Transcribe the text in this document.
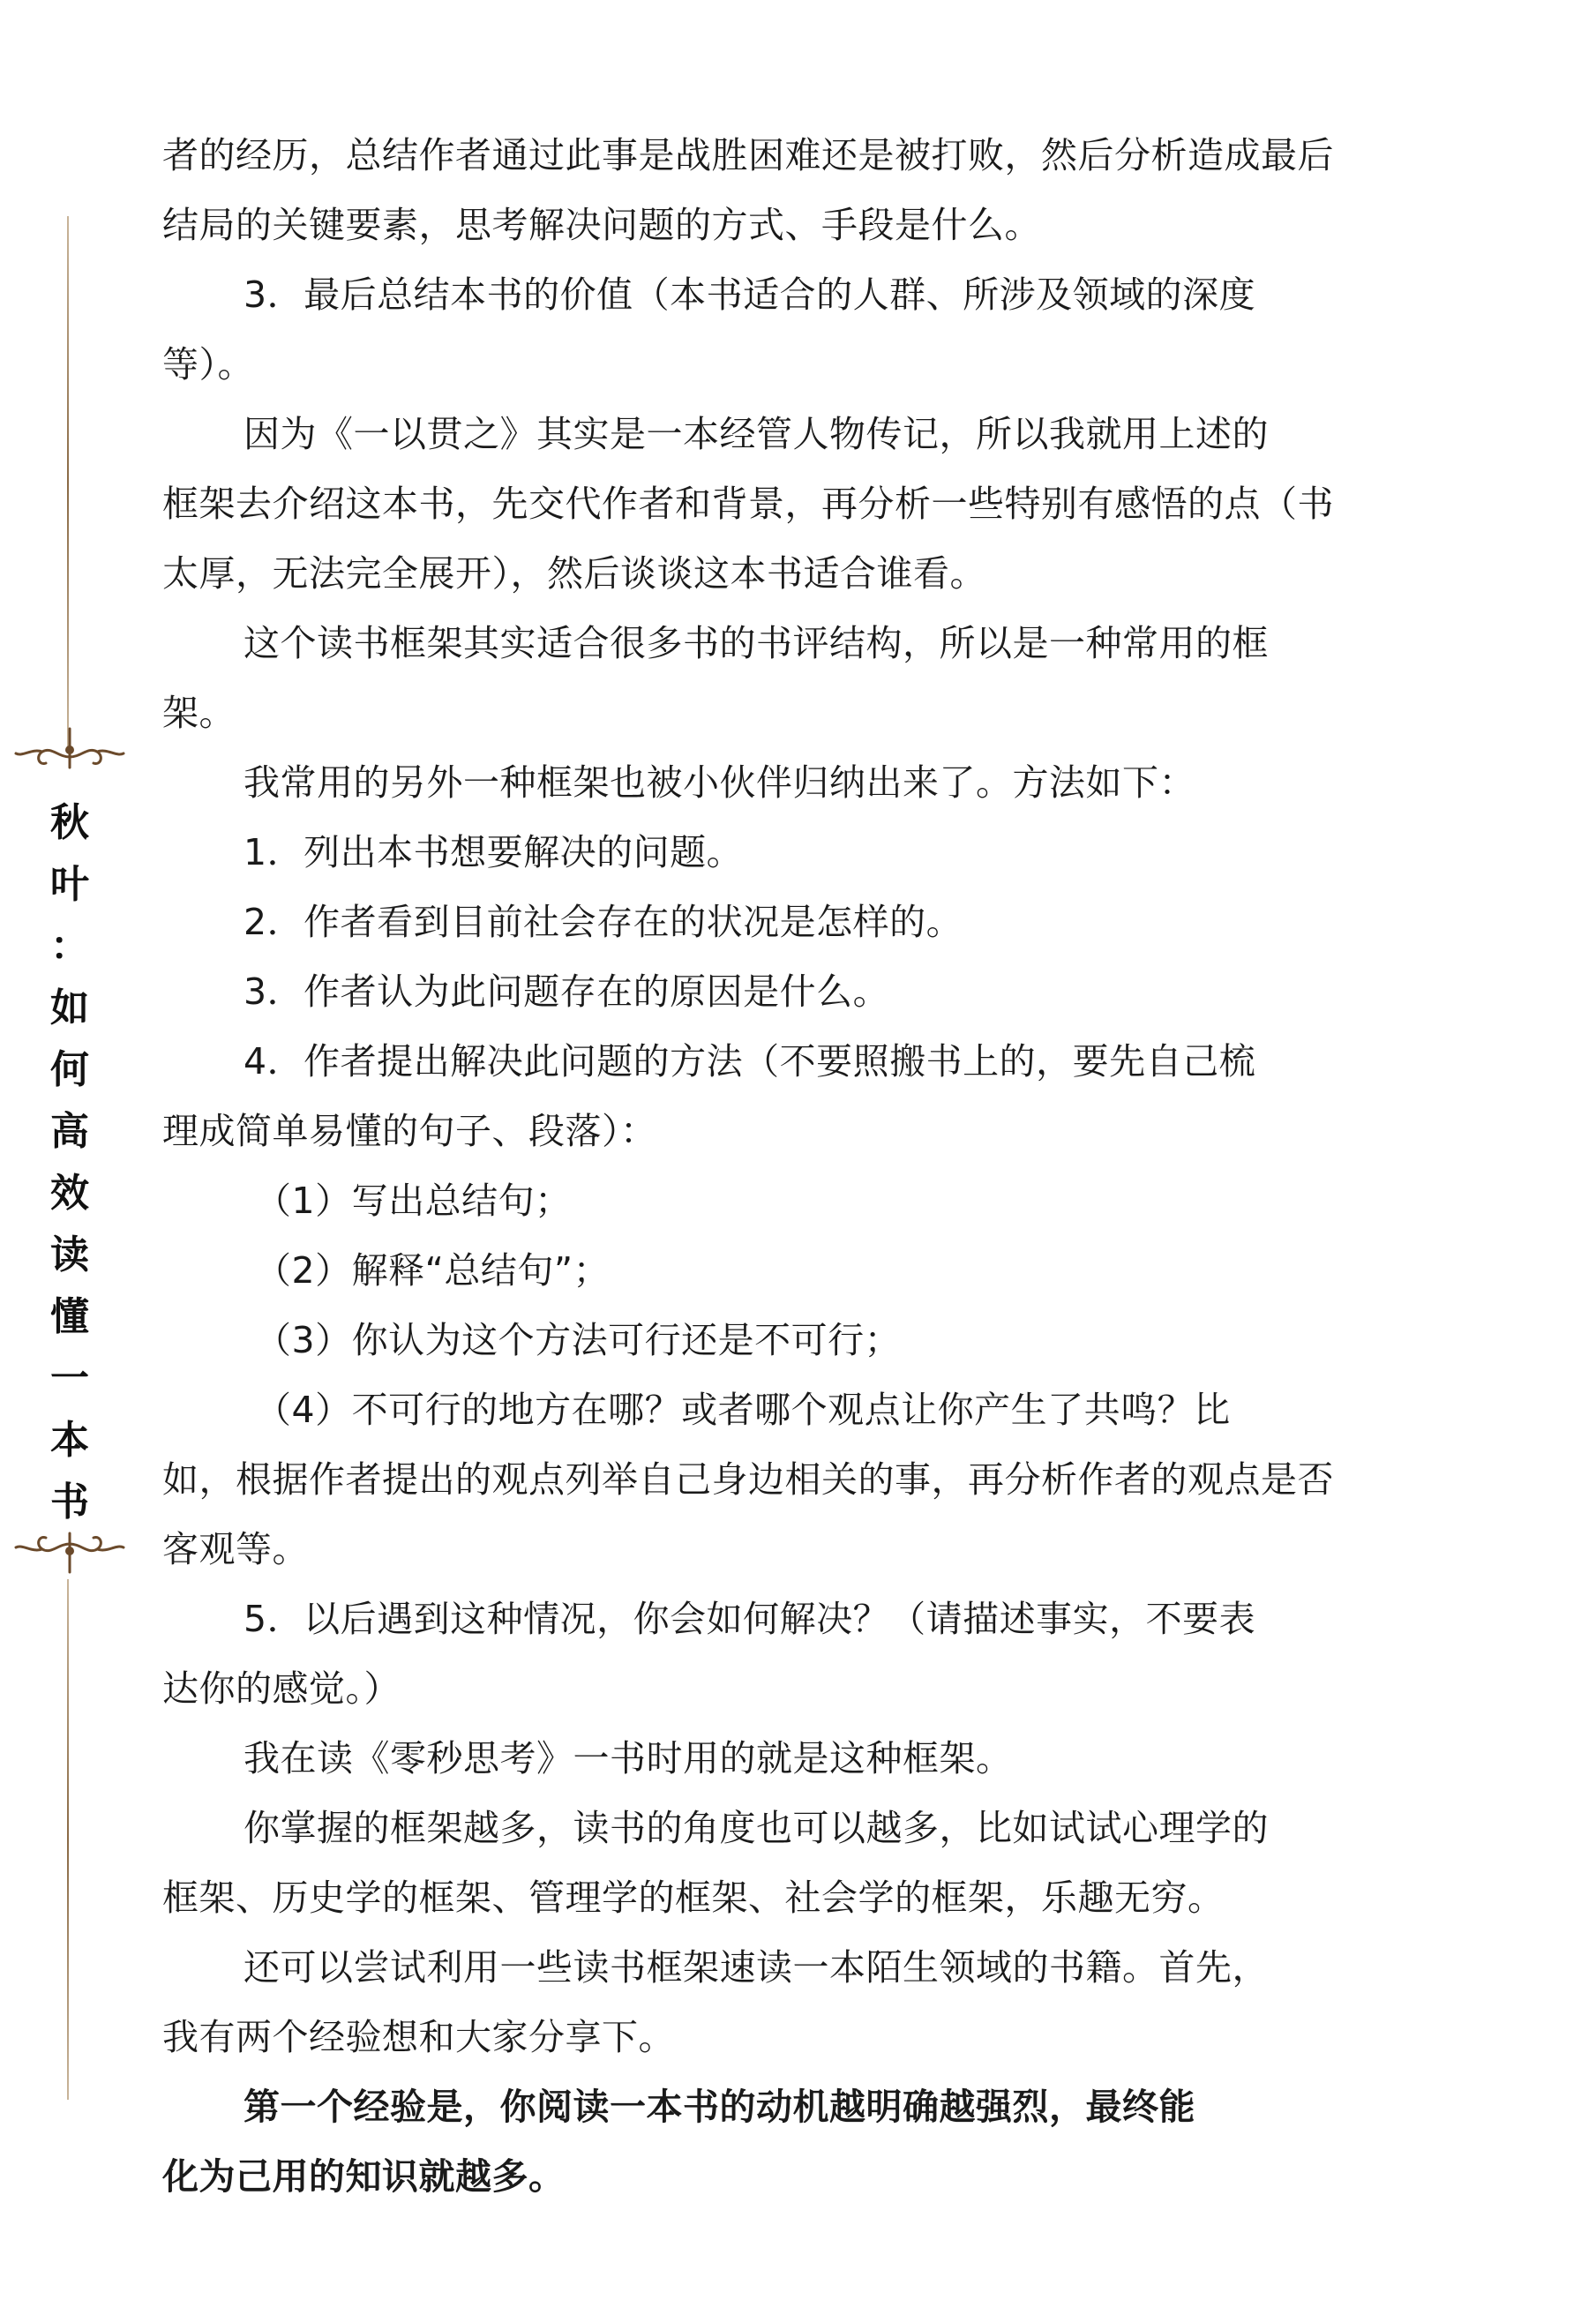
秋
叶
：
如
何
高
效
读
懂
一
本
书

者的经历，总结作者通过此事是战胜困难还是被打败，然后分析造成最后

结局的关键要素，思考解决问题的方式、手段是什么。

3．最后总结本书的价值（本书适合的人群、所涉及领域的深度

等）。

因为《一以贯之》其实是一本经管人物传记，所以我就用上述的

框架去介绍这本书，先交代作者和背景，再分析一些特别有感悟的点（书

太厚，无法完全展开），然后谈谈这本书适合谁看。

这个读书框架其实适合很多书的书评结构，所以是一种常用的框

架。

我常用的另外一种框架也被小伙伴归纳出来了。方法如下：

1．列出本书想要解决的问题。

2．作者看到目前社会存在的状况是怎样的。

3．作者认为此问题存在的原因是什么。

4．作者提出解决此问题的方法（不要照搬书上的，要先自己梳

理成简单易懂的句子、段落）：

（1）写出总结句；

（2）解释“总结句”；

（3）你认为这个方法可行还是不可行；

（4）不可行的地方在哪？或者哪个观点让你产生了共鸣？比

如，根据作者提出的观点列举自己身边相关的事，再分析作者的观点是否

客观等。

5．以后遇到这种情况，你会如何解决？（请描述事实，不要表

达你的感觉。）

我在读《零秒思考》一书时用的就是这种框架。

你掌握的框架越多，读书的角度也可以越多，比如试试心理学的

框架、历史学的框架、管理学的框架、社会学的框架，乐趣无穷。

还可以尝试利用一些读书框架速读一本陌生领域的书籍。首先，

我有两个经验想和大家分享下。

第一个经验是，你阅读一本书的动机越明确越强烈，最终能

化为己用的知识就越多。
